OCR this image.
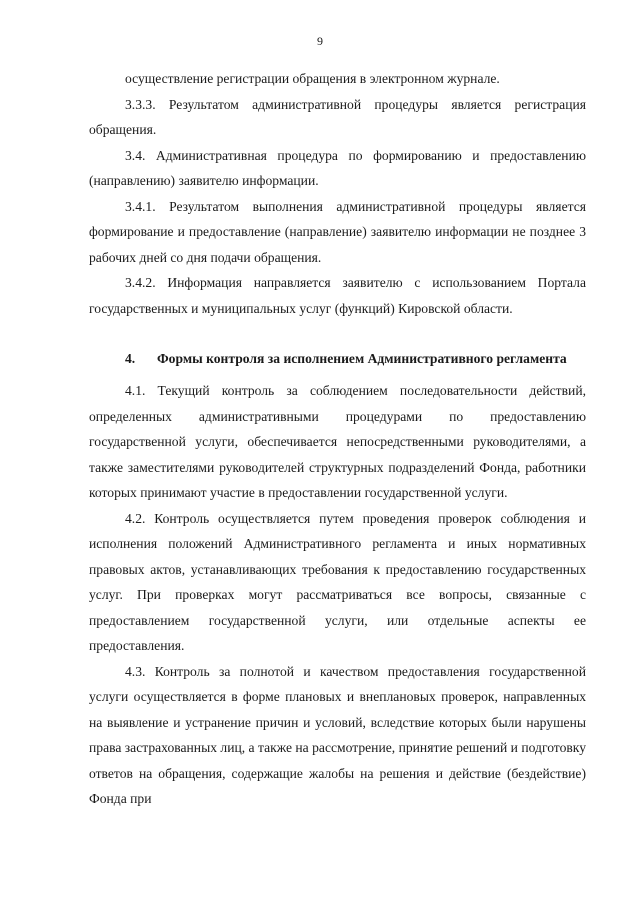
9

осуществление регистрации обращения в электронном журнале.

3.3.3. Результатом административной процедуры является регистрация обращения.

3.4. Административная процедура по формированию и предоставлению (направлению) заявителю информации.

3.4.1. Результатом выполнения административной процедуры является формирование и предоставление (направление) заявителю информации не позднее 3 рабочих дней со дня подачи обращения.

3.4.2. Информация направляется заявителю с использованием Портала государственных и муниципальных услуг (функций) Кировской области.

4.	Формы контроля за исполнением Административного регламента

4.1. Текущий контроль за соблюдением последовательности действий, определенных административными процедурами по предоставлению государственной услуги, обеспечивается непосредственными руководителями, а также заместителями руководителей структурных подразделений Фонда, работники которых принимают участие в предоставлении государственной услуги.

4.2. Контроль осуществляется путем проведения проверок соблюдения и исполнения положений Административного регламента и иных нормативных правовых актов, устанавливающих требования к предоставлению государственных услуг. При проверках могут рассматриваться все вопросы, связанные с предоставлением государственной услуги, или отдельные аспекты ее предоставления.

4.3. Контроль за полнотой и качеством предоставления государственной услуги осуществляется в форме плановых и внеплановых проверок, направленных на выявление и устранение причин и условий, вследствие которых были нарушены права застрахованных лиц, а также на рассмотрение, принятие решений и подготовку ответов на обращения, содержащие жалобы на решения и действие (бездействие) Фонда при
